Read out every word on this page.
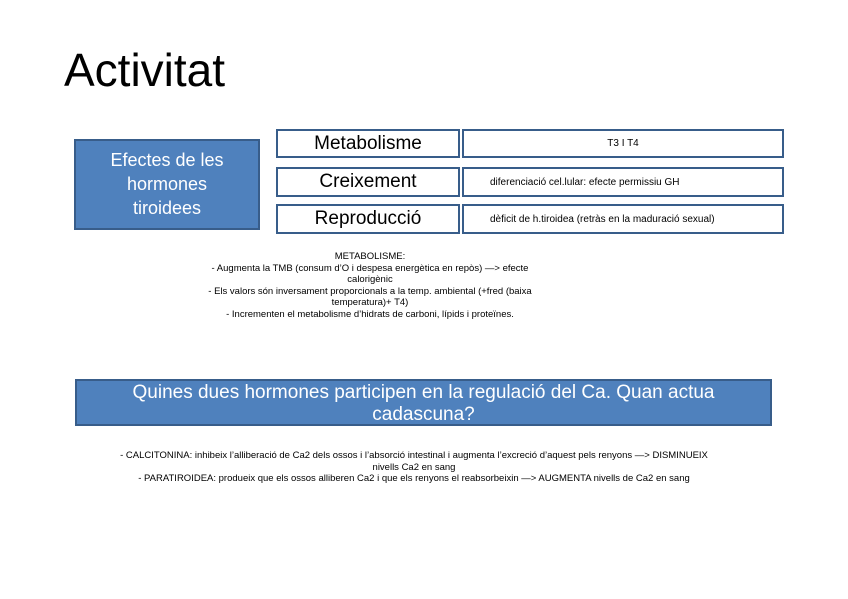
Activitat
Efectes de les
hormones
tiroidees
Metabolisme	T3 I T4
Creixement	diferenciació cel.lular: efecte permissiu GH
Reproducció	dèficit de h.tiroidea (retràs en la maduració sexual)
METABOLISME:
- Augmenta la TMB (consum d’O i despesa energètica en repòs) —> efecte
calorigènic
- Els valors són inversament proporcionals a la temp. ambiental (+fred (baixa
temperatura)+ T4)
- Incrementen el metabolisme d’hidrats de carboni, lípids i proteïnes.
Quines dues hormones participen en la regulació del Ca. Quan actua
cadascuna?
- CALCITONINA: inhibeix l’alliberació de Ca2 dels ossos i l’absorció intestinal i augmenta l’excreció d’aquest pels renyons —> DISMINUEIX
nivells Ca2 en sang
- PARATIROIDEA: produeix que els ossos alliberen Ca2 i que els renyons el reabsorbeixin —> AUGMENTA nivells de Ca2 en sang
